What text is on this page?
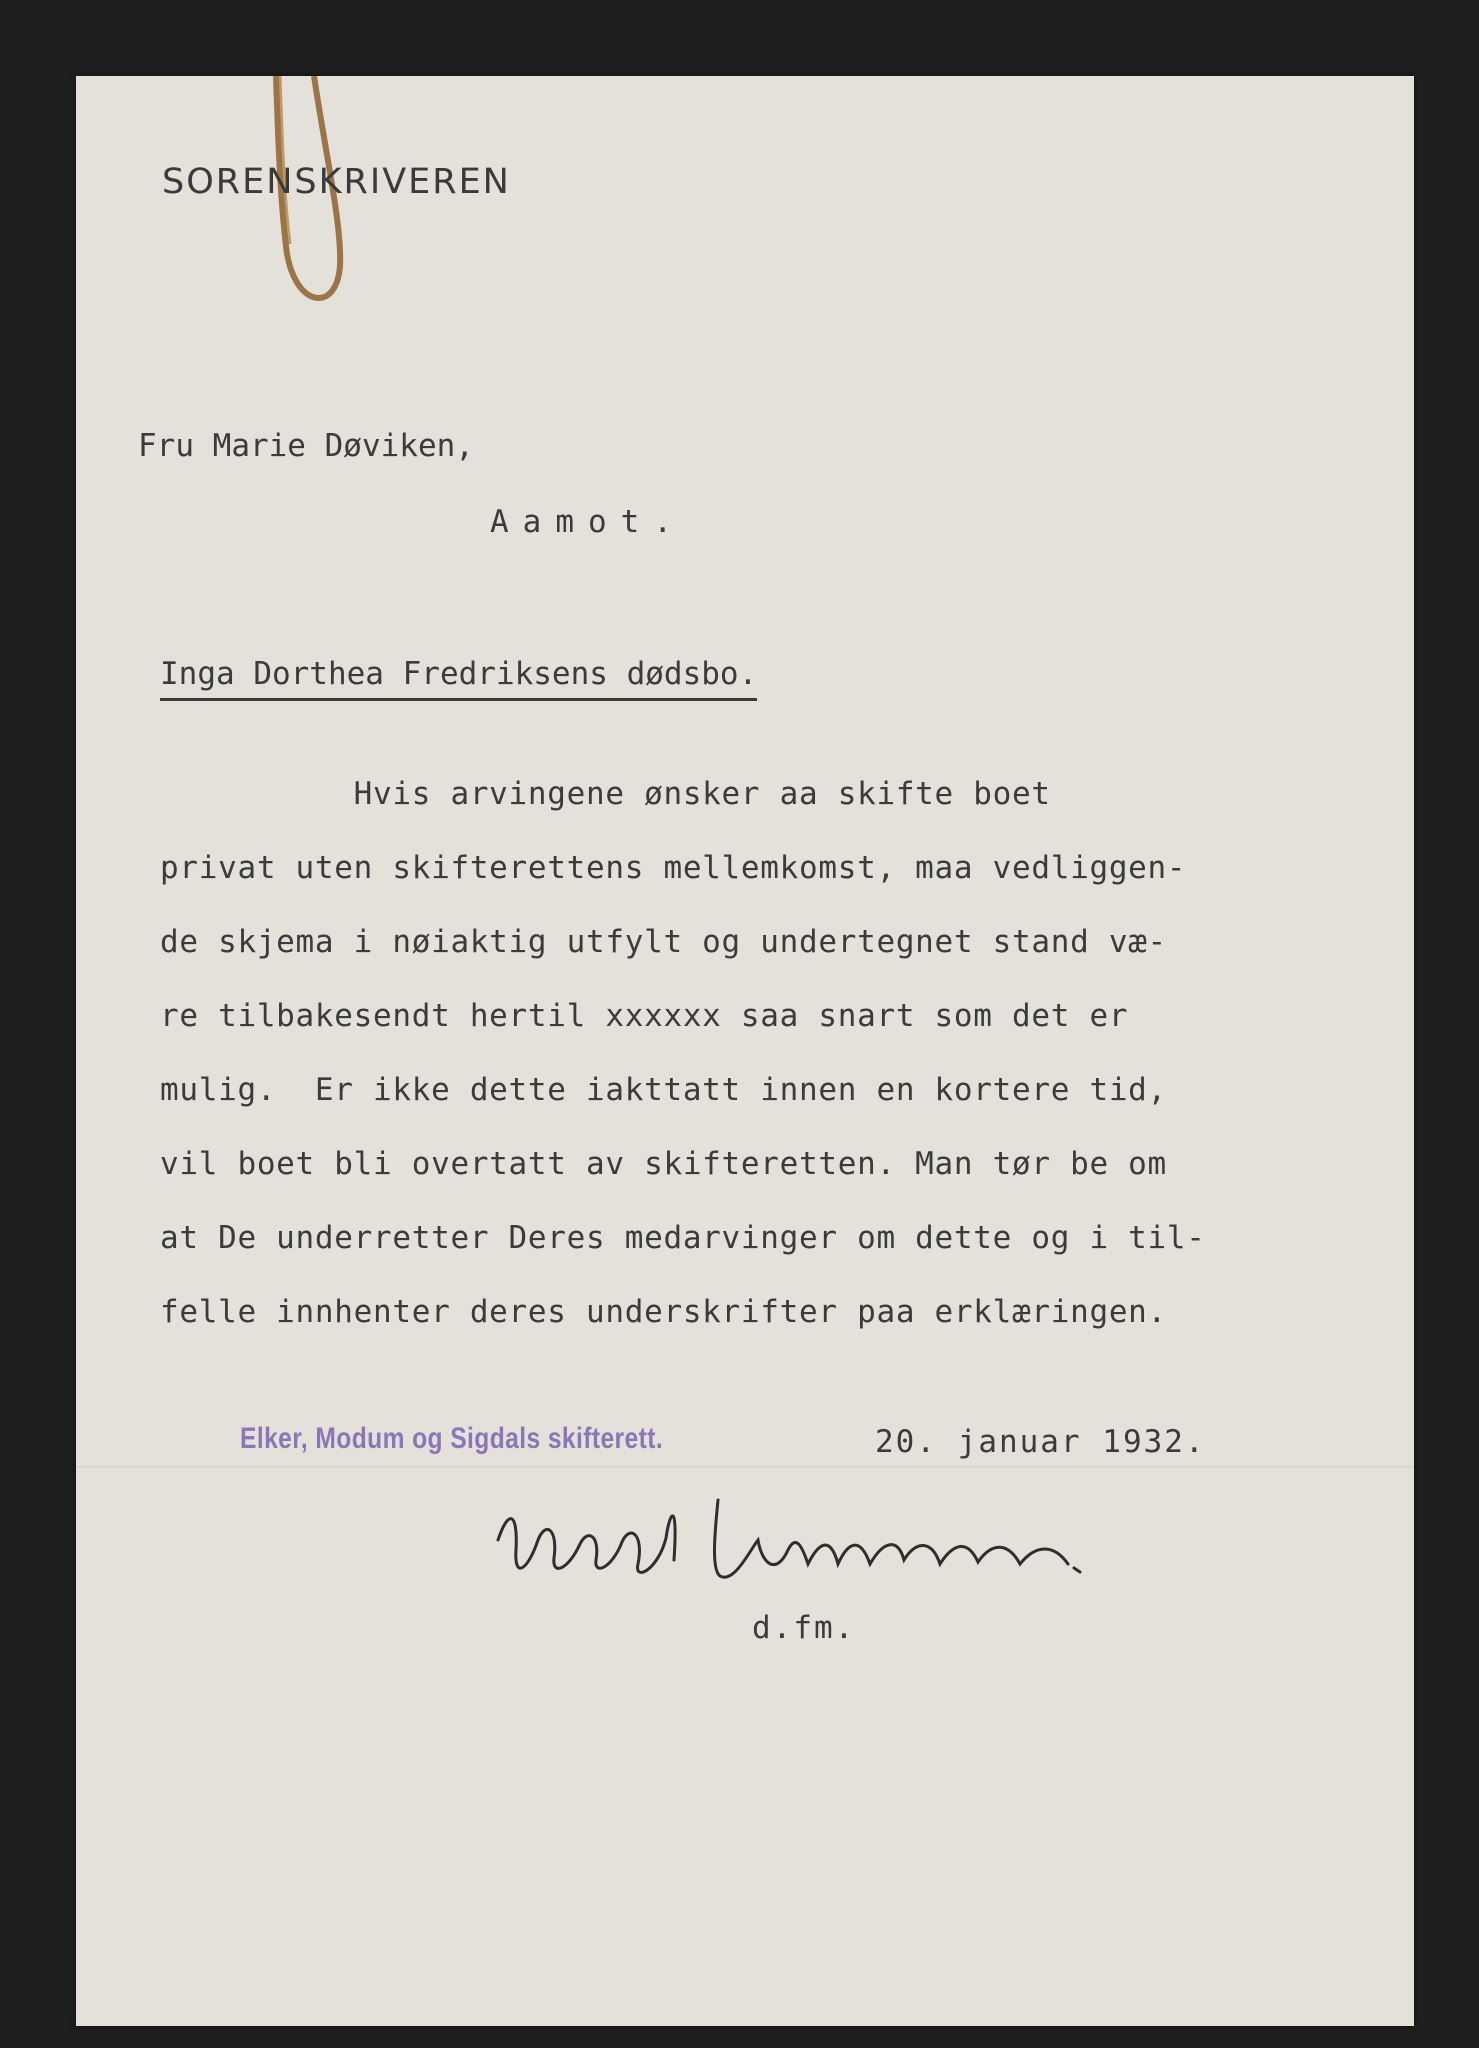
SORENSKRIVEREN
Fru Marie Døviken,
Aamot.
Inga Dorthea Fredriksens dødsbo.
Hvis arvingene ønsker aa skifte boet
privat uten skifterettens mellemkomst, maa vedliggen-
de skjema i nøiaktig utfylt og undertegnet stand væ-
re tilbakesendt hertil xxxxxx saa snart som det er
mulig.  Er ikke dette iakttatt innen en kortere tid,
vil boet bli overtatt av skifteretten. Man tør be om
at De underretter Deres medarvinger om dette og i til-
felle innhenter deres underskrifter paa erklæringen.
Elker, Modum og Sigdals skifterett.	20. januar 1932.
d.fm.
